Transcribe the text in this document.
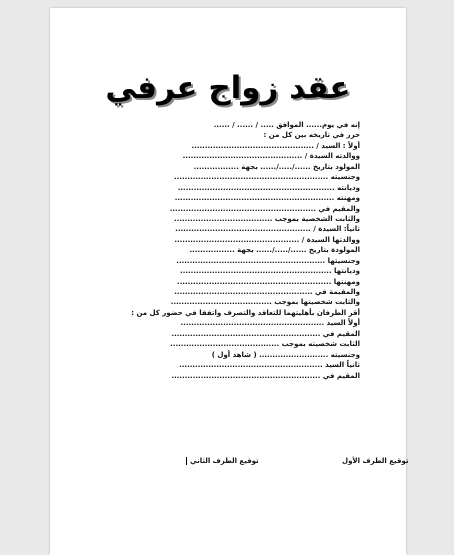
عقد زواج عرفي
إنه في يوم...... الموافق ..... / ...... / ......
حرر في تاريخه بين كل من :
أولاً : السيد / ..............................................
ووالدته السيدة / .............................................
المولود بتاريخ ....../...../...... بجهة .................
وجنسيته ..........................................................
وديانته ...........................................................
ومهنته ............................................................
والمقيم في .......................................................
والثابت الشخصية بموجب .....................................
ثانياً: السيدة / ...................................................
ووالدتها السيدة / ...............................................
المولودة بتاريخ ....../...../...... بجهة .................
وجنسيتها ........................................................
وديانتها .........................................................
ومهنتها ..........................................................
والمقيمة في ....................................................
والثابت شخصيتها بموجب ......................................
أقر الطرفان بأهليتهما للتعاقد والتصرف واتفقا في حضور كل من :
أولاً السيد ......................................................
المقيم في ........................................................
الثابت شخصيته بموجب .........................................
وجنسيته .......................... ( شاهد أول )
ثانياً السيد ......................................................
المقيم في ........................................................
توقيع الطرف الأول
توقيع الطرف الثاني
